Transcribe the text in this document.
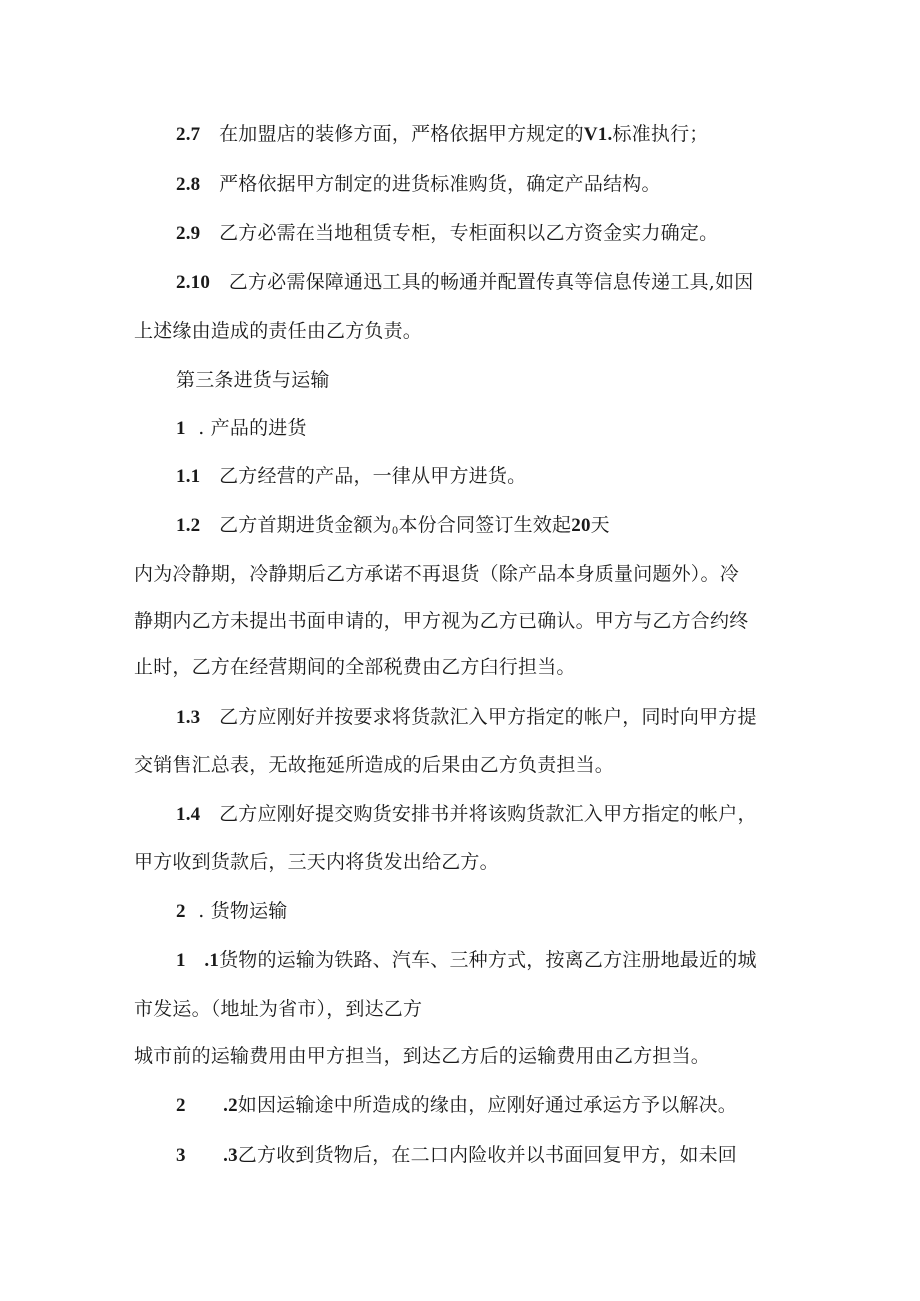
2.7 在加盟店的装修方面，严格依据甲方规定的V1.标准执行；
2.8 严格依据甲方制定的进货标准购货，确定产品结构。
2.9 乙方必需在当地租赁专柜，专柜面积以乙方资金实力确定。
2.10 乙方必需保障通迅工具的畅通并配置传真等信息传递工具,如因
上述缘由造成的责任由乙方负责。
第三条进货与运输
1 . 产品的进货
1.1 乙方经营的产品，一律从甲方进货。
1.2 乙方首期进货金额为$_0$本份合同签订生效起20天
内为冷静期，冷静期后乙方承诺不再退货（除产品本身质量问题外）。冷
静期内乙方未提出书面申请的，甲方视为乙方已确认。甲方与乙方合约终
止时，乙方在经营期间的全部税费由乙方臼行担当。
1.3 乙方应刚好并按要求将货款汇入甲方指定的帐户，同时向甲方提
交销售汇总表，无故拖延所造成的后果由乙方负责担当。
1.4 乙方应刚好提交购货安排书并将该购货款汇入甲方指定的帐户，
甲方收到货款后，三天内将货发出给乙方。
2 . 货物运输
1 .1货物的运输为铁路、汽车、三种方式，按离乙方注册地最近的城
市发运。（地址为省市），到达乙方
城市前的运输费用由甲方担当，到达乙方后的运输费用由乙方担当。
2 .2如因运输途中所造成的缘由，应刚好通过承运方予以解决。
3 .3乙方收到货物后，在二口内险收并以书面回复甲方，如未回
